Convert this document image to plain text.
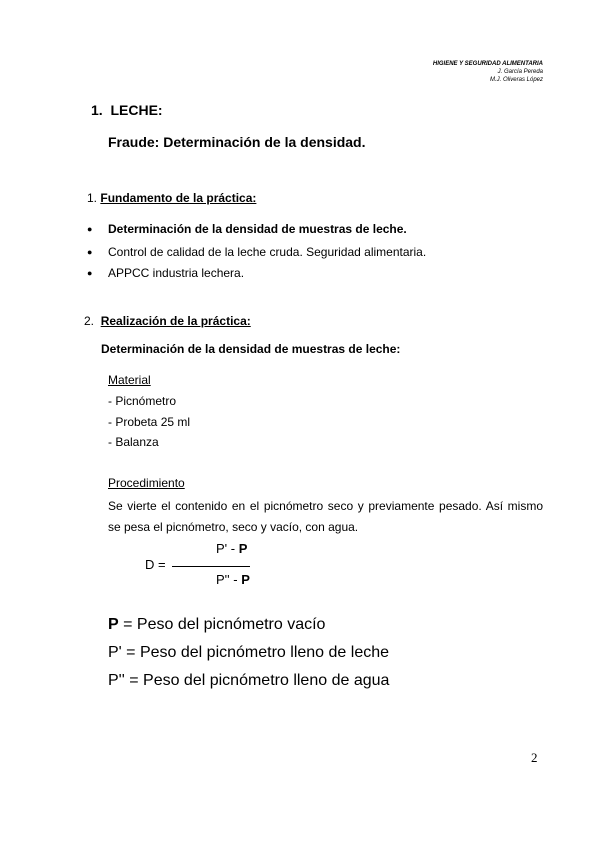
HIGIENE Y SEGURIDAD ALIMENTARIA
J. García Pereda
M.J. Oliveras López
1. LECHE:
Fraude: Determinación de la densidad.
1. Fundamento de la práctica:
● Determinación de la densidad de muestras de leche.
● Control de calidad de la leche cruda. Seguridad alimentaria.
● APPCC industria lechera.
2. Realización de la práctica:
Determinación de la densidad de muestras de leche:
Material
- Picnómetro
- Probeta 25 ml
- Balanza
Procedimiento
Se vierte el contenido en el picnómetro seco y previamente pesado. Así mismo se pesa el picnómetro, seco y vacío, con agua.
D =
P' - P
P'' - P
P = Peso del picnómetro vacío
P' = Peso del picnómetro lleno de leche
P'' = Peso del picnómetro lleno de agua
2
